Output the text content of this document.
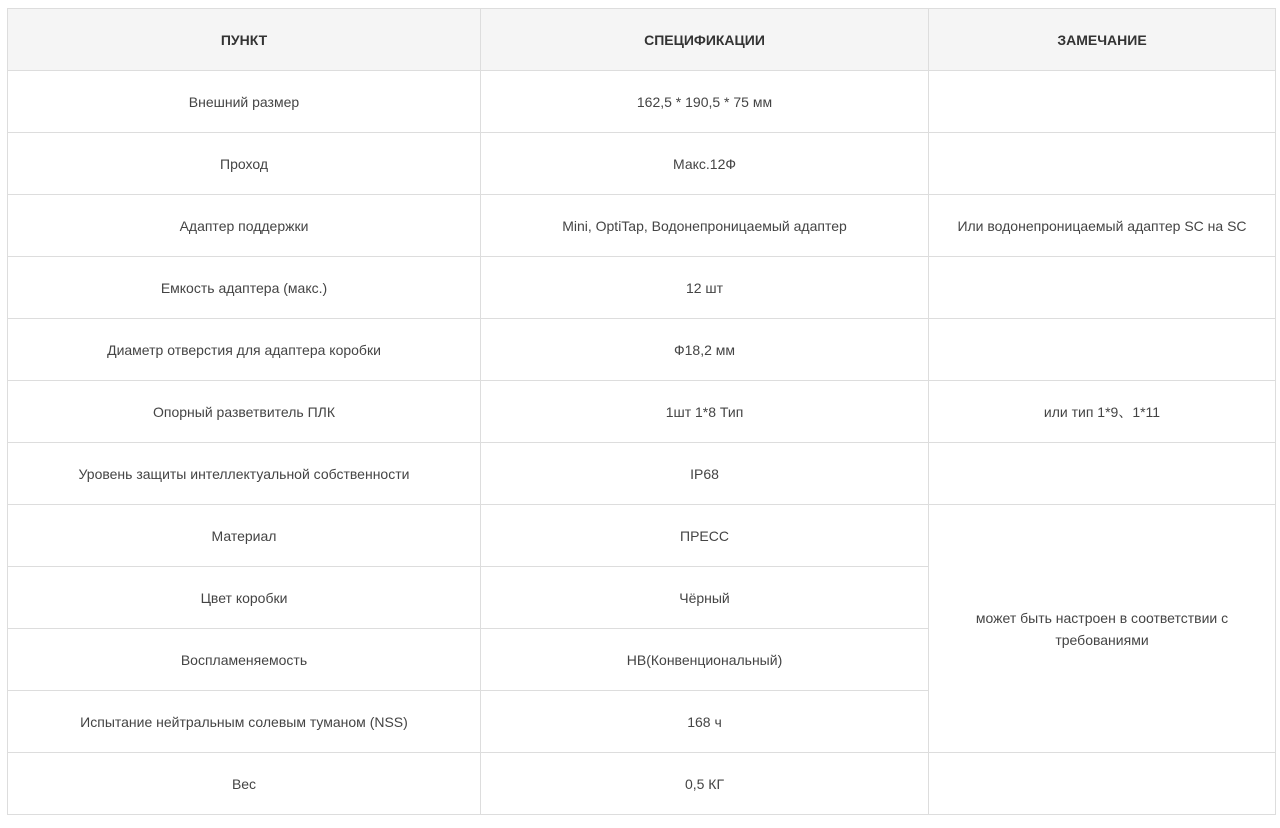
ПУНКТ	СПЕЦИФИКАЦИИ	ЗАМЕЧАНИЕ
Внешний размер	162,5 * 190,5 * 75 мм	
Проход	Макс.12Ф	
Адаптер поддержки	Mini, OptiTap, Водонепроницаемый адаптер	Или водонепроницаемый адаптер SC на SC
Емкость адаптера (макс.)	12 шт	
Диаметр отверстия для адаптера коробки	Ф18,2 мм	
Опорный разветвитель ПЛК	1шт 1*8 Тип	или тип 1*9、1*11
Уровень защиты интеллектуальной собственности	IP68	
Материал	ПРЕСС	может быть настроен в соответствии с требованиями
Цвет коробки	Чёрный	
Воспламеняемость	HB(Конвенциональный)	
Испытание нейтральным солевым туманом (NSS)	168 ч	
Вес	0,5 КГ	
